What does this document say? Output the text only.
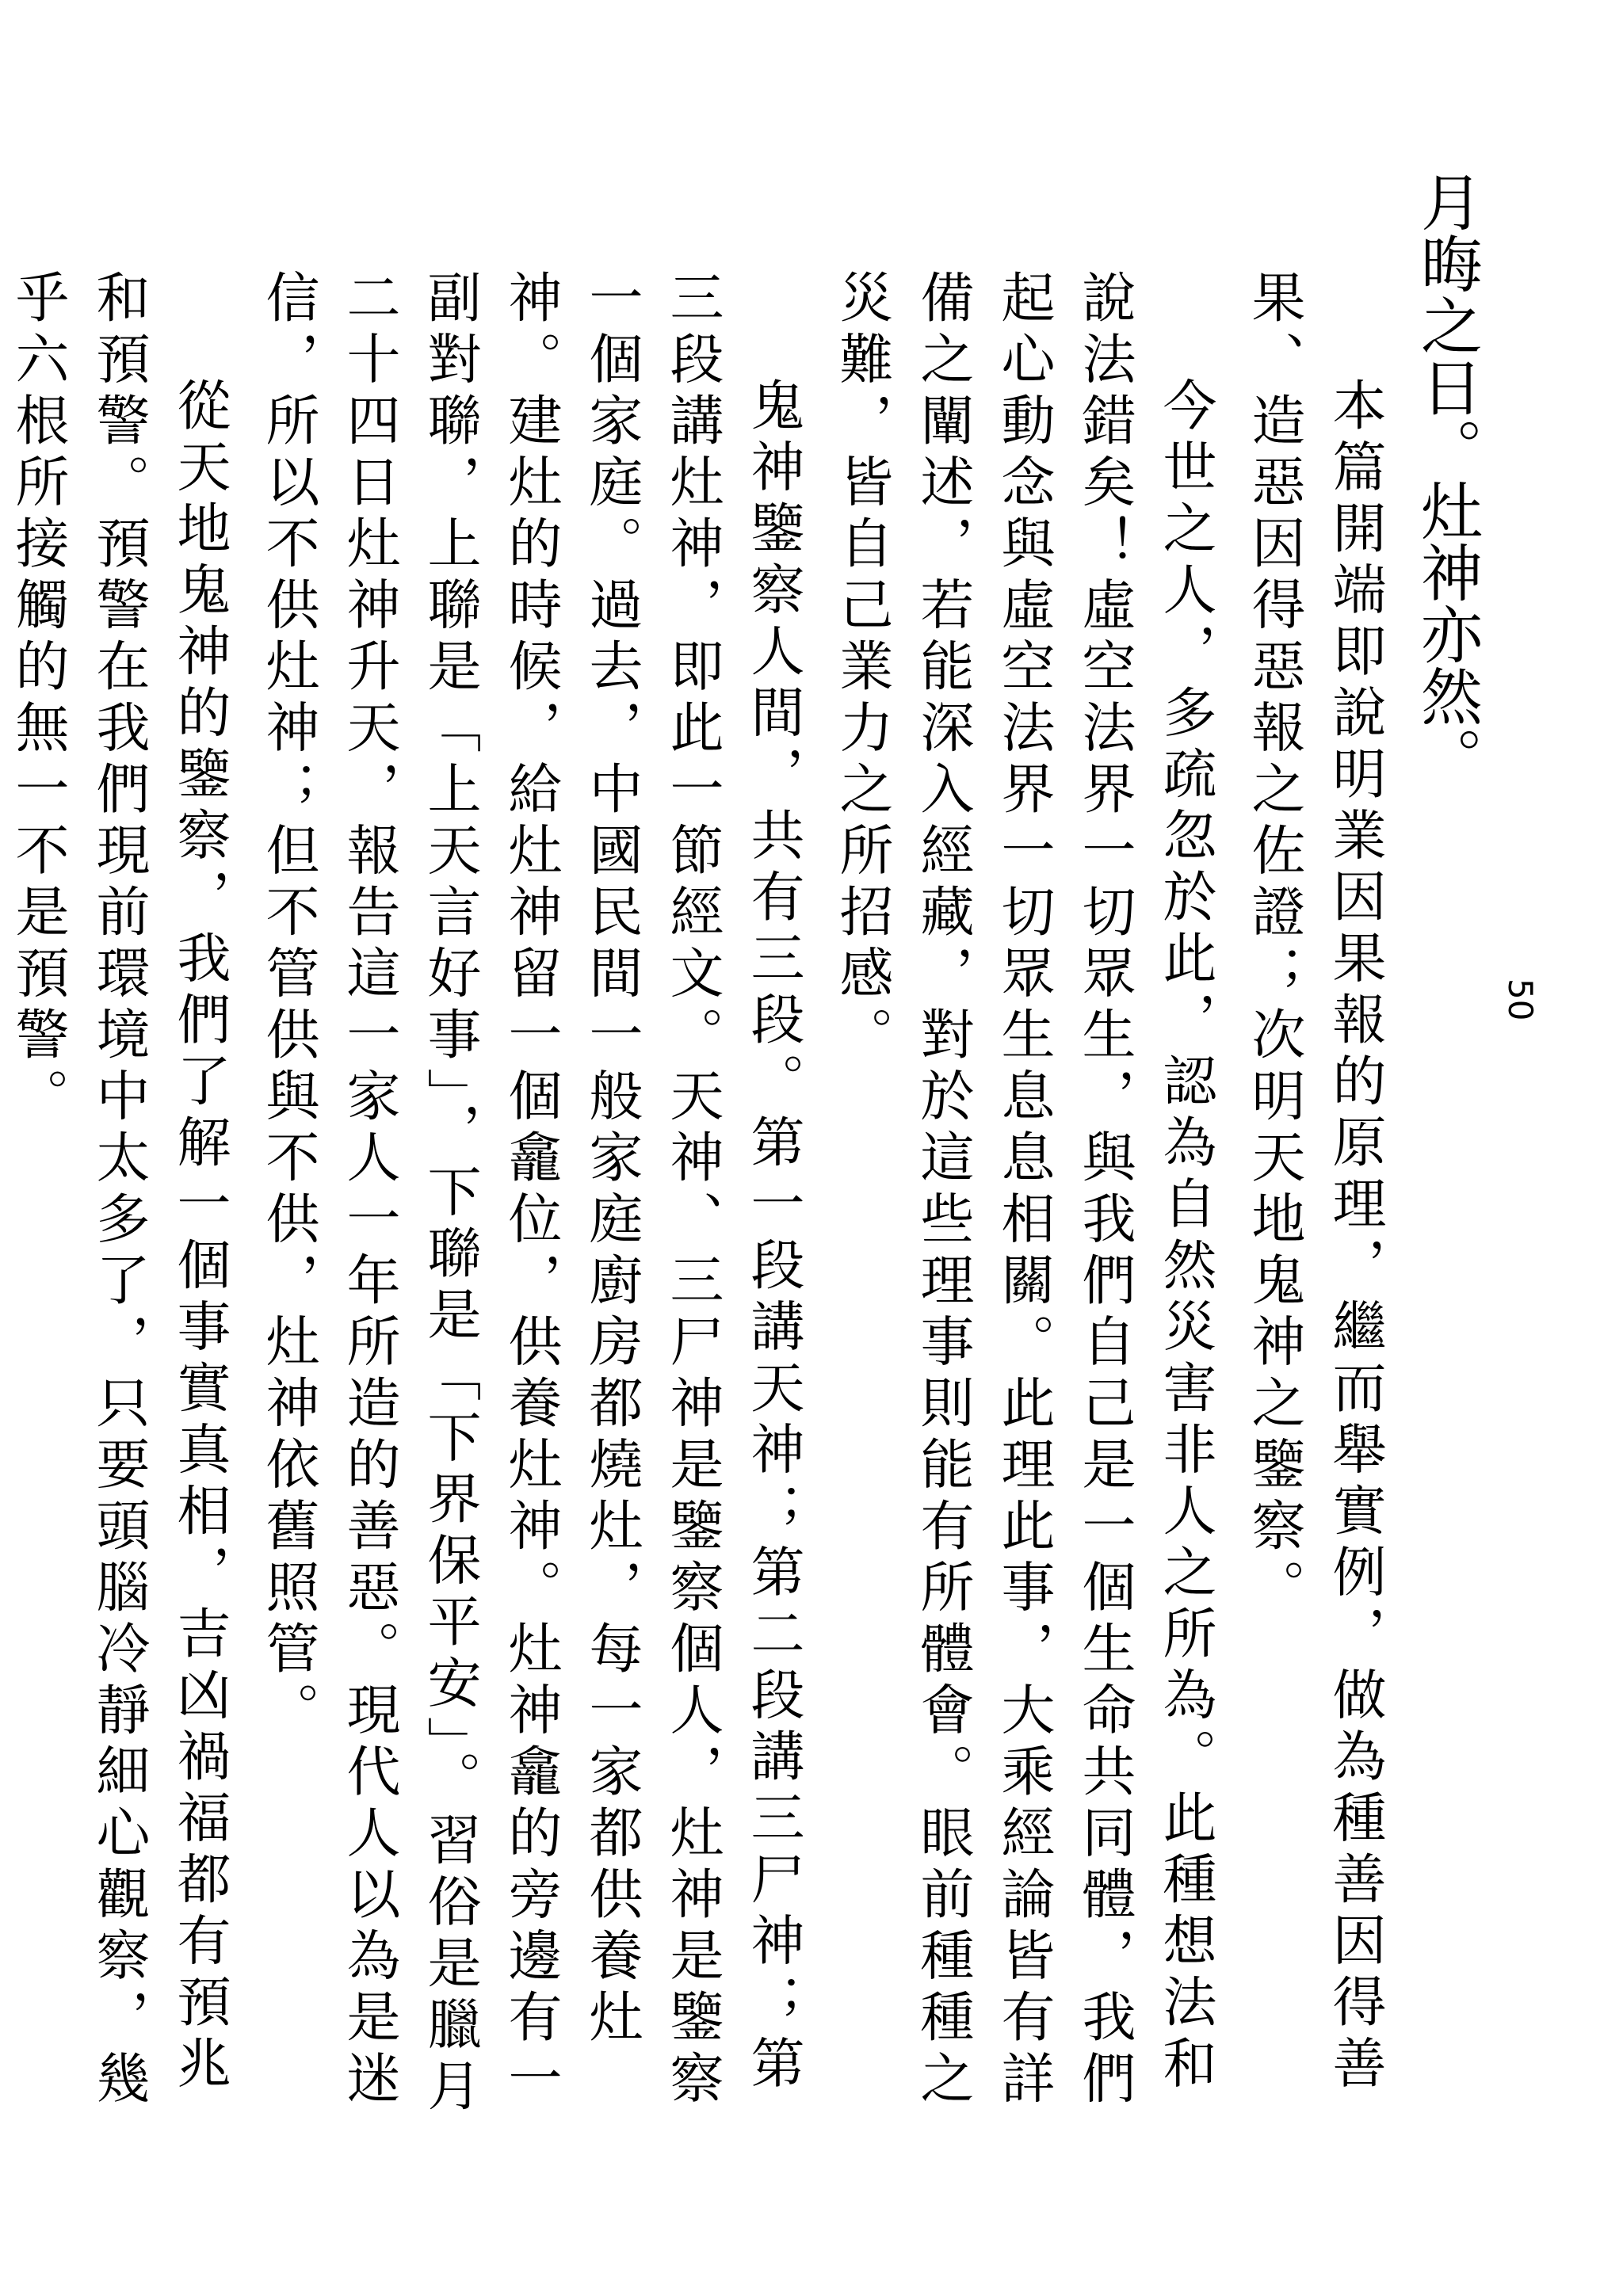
50
月晦之日。灶神亦然。

本篇開端即說明業因果報的原理，繼而舉實例，做為種善因得善果、造惡因得惡報之佐證；次明天地鬼神之鑒察。

今世之人，多疏忽於此，認為自然災害非人之所為。此種想法和說法錯矣！虛空法界一切眾生，與我們自己是一個生命共同體，我們起心動念與虛空法界一切眾生息息相關。此理此事，大乘經論皆有詳備之闡述，若能深入經藏，對於這些理事則能有所體會。眼前種種之災難，皆自己業力之所招感。

鬼神鑒察人間，共有三段。第一段講天神；第二段講三尸神；第三段講灶神，即此一節經文。天神、三尸神是鑒察個人，灶神是鑒察一個家庭。過去，中國民間一般家庭廚房都燒灶，每一家都供養灶神。建灶的時候，給灶神留一個龕位，供養灶神。灶神龕的旁邊有一副對聯，上聯是「上天言好事」，下聯是「下界保平安」。習俗是臘月二十四日灶神升天，報告這一家人一年所造的善惡。現代人以為是迷信，所以不供灶神；但不管供與不供，灶神依舊照管。

從天地鬼神的鑒察，我們了解一個事實真相，吉凶禍福都有預兆和預警。預警在我們現前環境中太多了，只要頭腦冷靜細心觀察，幾乎六根所接觸的無一不是預警。
